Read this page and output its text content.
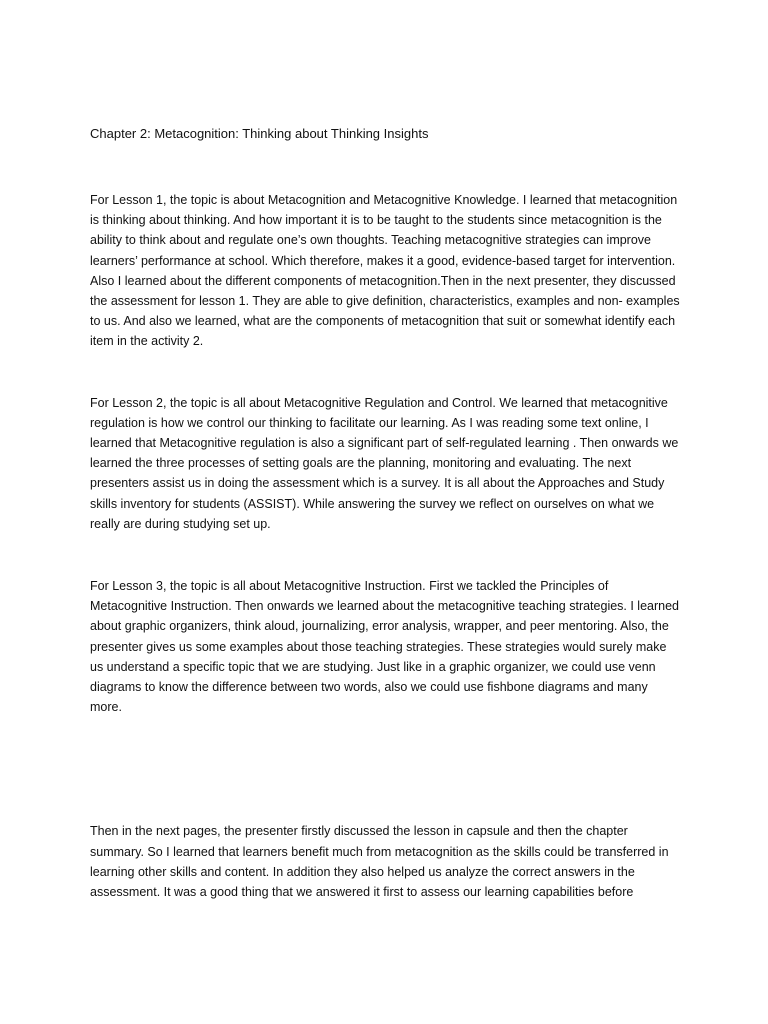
Chapter 2: Metacognition: Thinking about Thinking Insights

For Lesson 1, the topic is about Metacognition and Metacognitive Knowledge. I learned that metacognition is thinking about thinking. And how important it is to be taught to the students since metacognition is the ability to think about and regulate one’s own thoughts. Teaching metacognitive strategies can improve learners’ performance at school. Which therefore, makes it a good, evidence-based target for intervention. Also I learned about the different components of metacognition.Then in the next presenter, they discussed the assessment for lesson 1. They are able to give definition, characteristics, examples and non- examples to us. And also we learned, what are the components of metacognition that suit or somewhat identify each item in the activity 2.

For Lesson 2, the topic is all about Metacognitive Regulation and Control. We learned that metacognitive regulation is how we control our thinking to facilitate our learning. As I was reading some text online, I learned that Metacognitive regulation is also a significant part of self-regulated learning . Then onwards we learned the three processes of setting goals are the planning, monitoring and evaluating. The next presenters assist us in doing the assessment which is a survey. It is all about the Approaches and Study skills inventory for students (ASSIST). While answering the survey we reflect on ourselves on what we really are during studying set up.

For Lesson 3, the topic is all about Metacognitive Instruction. First we tackled the Principles of Metacognitive Instruction. Then onwards we learned about the metacognitive teaching strategies. I learned about graphic organizers, think aloud, journalizing, error analysis, wrapper, and peer mentoring. Also, the presenter gives us some examples about those teaching strategies. These strategies would surely make us understand a specific topic that we are studying. Just like in a graphic organizer, we could use venn diagrams to know the difference between two words, also we could use fishbone diagrams and many more.

Then in the next pages, the presenter firstly discussed the lesson in capsule and then the chapter summary. So I learned that learners benefit much from metacognition as the skills could be transferred in learning other skills and content. In addition they also helped us analyze the correct answers in the assessment. It was a good thing that we answered it first to assess our learning capabilities before
